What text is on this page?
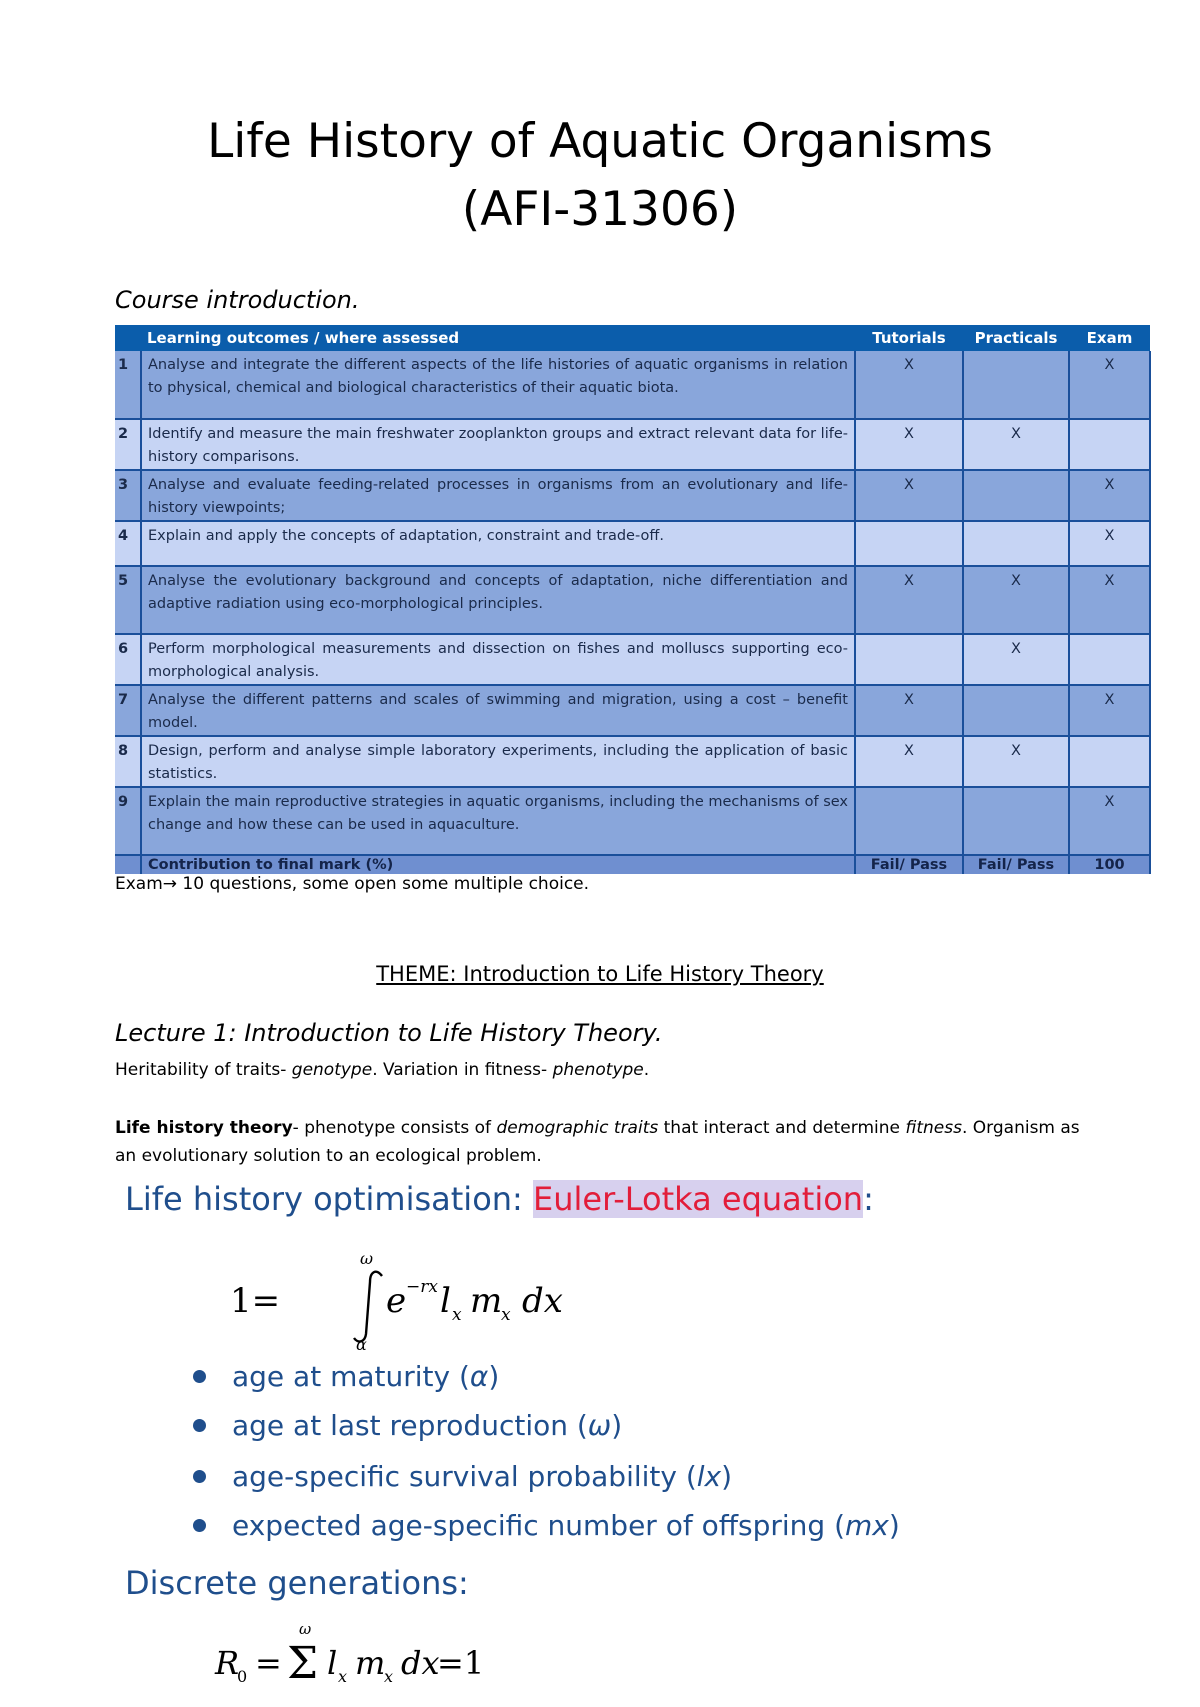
Life History of Aquatic Organisms
(AFI-31306)
Course introduction.
	Learning outcomes / where assessed	Tutorials	Practicals	Exam
1	Analyse and integrate the different aspects of the life histories of aquatic organisms in relation to physical, chemical and biological characteristics of their aquatic biota.	X		X
2	Identify and measure the main freshwater zooplankton groups and extract relevant data for life-history comparisons.	X	X	
3	Analyse and evaluate feeding-related processes in organisms from an evolutionary and life-history viewpoints;	X		X
4	Explain and apply the concepts of adaptation, constraint and trade-off.			X
5	Analyse the evolutionary background and concepts of adaptation, niche differentiation and adaptive radiation using eco-morphological principles.	X	X	X
6	Perform morphological measurements and dissection on fishes and molluscs supporting eco-morphological analysis.		X	
7	Analyse the different patterns and scales of swimming and migration, using a cost – benefit model.	X		X
8	Design, perform and analyse simple laboratory experiments, including the application of basic statistics.	X	X	
9	Explain the main reproductive strategies in aquatic organisms, including the mechanisms of sex change and how these can be used in aquaculture.			X
	Contribution to final mark (%)	Fail/ Pass	Fail/ Pass	100

Exam→ 10 questions, some open some multiple choice.

THEME: Introduction to Life History Theory

Lecture 1: Introduction to Life History Theory.

Heritability of traits- genotype. Variation in fitness- phenotype.

Life history theory- phenotype consists of demographic traits that interact and determine fitness. Organism as an evolutionary solution to an ecological problem.

Life history optimisation: Euler-Lotka equation:
ω
1=
α
e −rx l x m
x dx

age at maturity ( α )

age at last reproduction ( ω )

age-specific survival probability ( lx )

expected age-specific number of offspring ( mx )

Discrete generations:
ω
R
0 = Σ l x m
x dx
=1
